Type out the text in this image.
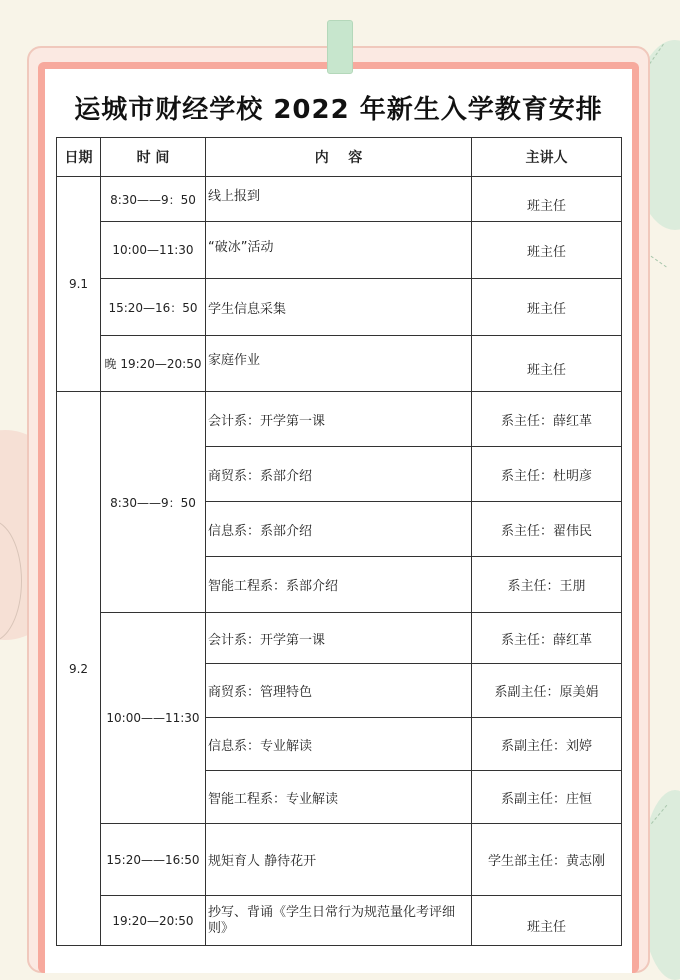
运城市财经学校 2022 年新生入学教育安排
日期	时 间	内    容	主讲人
9.1	8:30——9：50	线上报到	班主任

	10:00—11:30	“破冰”活动	班主任
	15:20—16：50	学生信息采集	班主任
	晚 19:20—20:50	家庭作业	班主任

9.2	8:30——9：50	会计系：开学第一课	系主任：薛红革
		商贸系：系部介绍	系主任：杜明彦
		信息系：系部介绍	系主任：翟伟民
		智能工程系：系部介绍	系主任：王朋
	10:00——11:30	会计系：开学第一课	系主任：薛红革
		商贸系：管理特色	系副主任：原美娟
		信息系：专业解读	系副主任：刘婷
		智能工程系：专业解读	系副主任：庄恒
	15:20——16:50	规矩育人 静待花开	学生部主任：黄志刚
	19:20—20:50	抄写、背诵《学生日常行为规范量化考评细则》	班主任
